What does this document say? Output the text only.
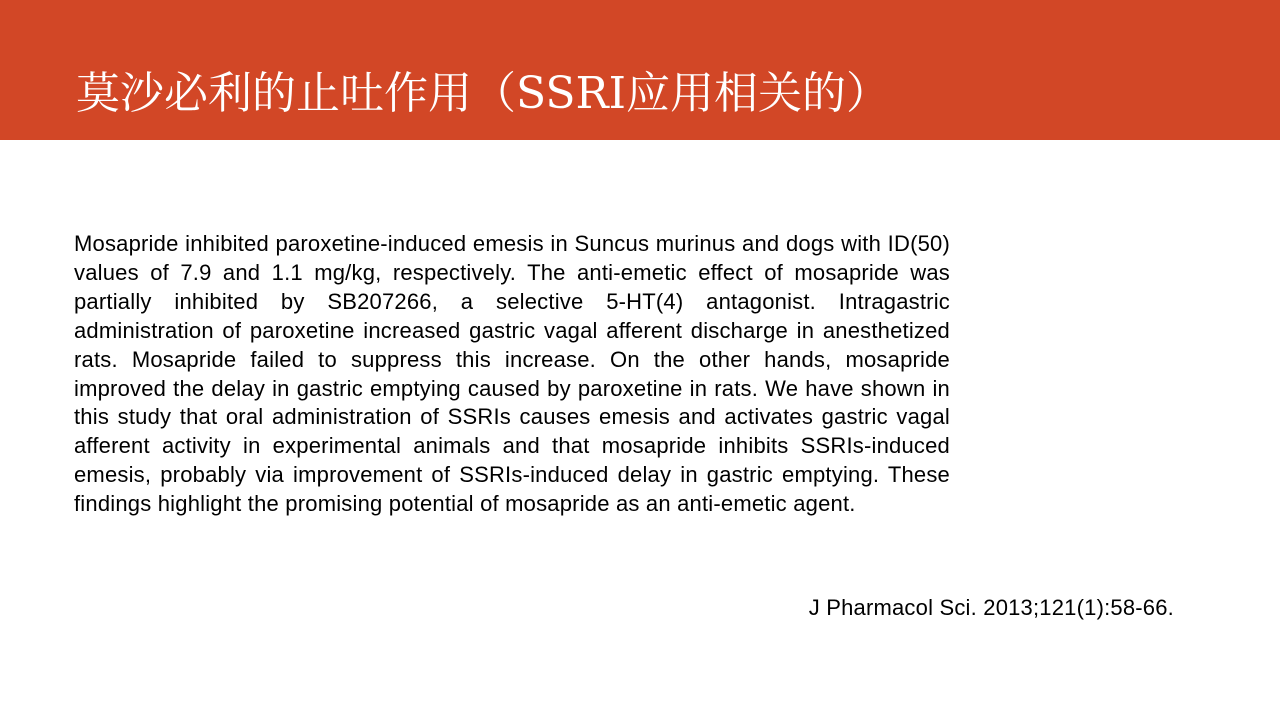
莫沙必利的止吐作用（SSRI应用相关的）

Mosapride inhibited paroxetine-induced emesis in Suncus murinus and dogs with ID(50) values of 7.9 and 1.1 mg/kg, respectively. The anti-emetic effect of mosapride was partially inhibited by SB207266, a selective 5-HT(4) antagonist. Intragastric administration of paroxetine increased gastric vagal afferent discharge in anesthetized rats. Mosapride failed to suppress this increase. On the other hands, mosapride improved the delay in gastric emptying caused by paroxetine in rats. We have shown in this study that oral administration of SSRIs causes emesis and activates gastric vagal afferent activity in experimental animals and that mosapride inhibits SSRIs-induced emesis, probably via improvement of SSRIs-induced delay in gastric emptying. These findings highlight the promising potential of mosapride as an anti-emetic agent.

J Pharmacol Sci. 2013;121(1):58-66.
